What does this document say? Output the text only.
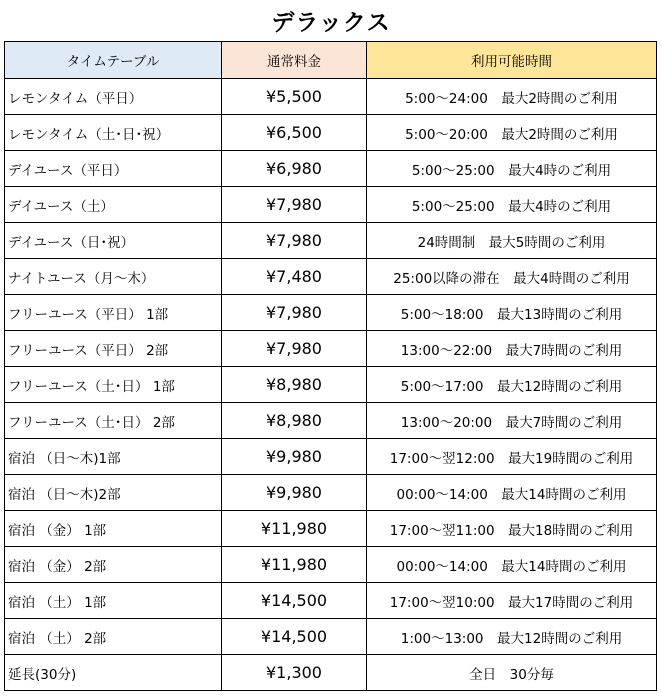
デラックス
タイムテーブル	通常料金	利用可能時間
レモンタイム（平日）	¥5,500	5:00～24:00　最大2時間のご利用
レモンタイム（土･日･祝）	¥6,500	5:00～20:00　最大2時間のご利用
デイユース（平日）	¥6,980	5:00～25:00　最大4時のご利用
デイユース（土）	¥7,980	5:00～25:00　最大4時のご利用
デイユース（日･祝）	¥7,980	24時間制　最大5時間のご利用
ナイトユース（月～木）	¥7,480	25:00以降の滞在　最大4時間のご利用
フリーユース（平日） 1部	¥7,980	5:00～18:00　最大13時間のご利用
フリーユース（平日） 2部	¥7,980	13:00～22:00　最大7時間のご利用
フリーユース（土･日） 1部	¥8,980	5:00～17:00　最大12時間のご利用
フリーユース（土･日） 2部	¥8,980	13:00～20:00　最大7時間のご利用
宿泊 （日～木)1部	¥9,980	17:00～翌12:00　最大19時間のご利用
宿泊 （日～木)2部	¥9,980	00:00～14:00　最大14時間のご利用
宿泊 （金） 1部	¥11,980	17:00～翌11:00　最大18時間のご利用
宿泊 （金） 2部	¥11,980	00:00～14:00　最大14時間のご利用
宿泊 （土） 1部	¥14,500	17:00～翌10:00　最大17時間のご利用
宿泊 （土） 2部	¥14,500	1:00～13:00　最大12時間のご利用
延長(30分)	¥1,300	全日　30分毎
